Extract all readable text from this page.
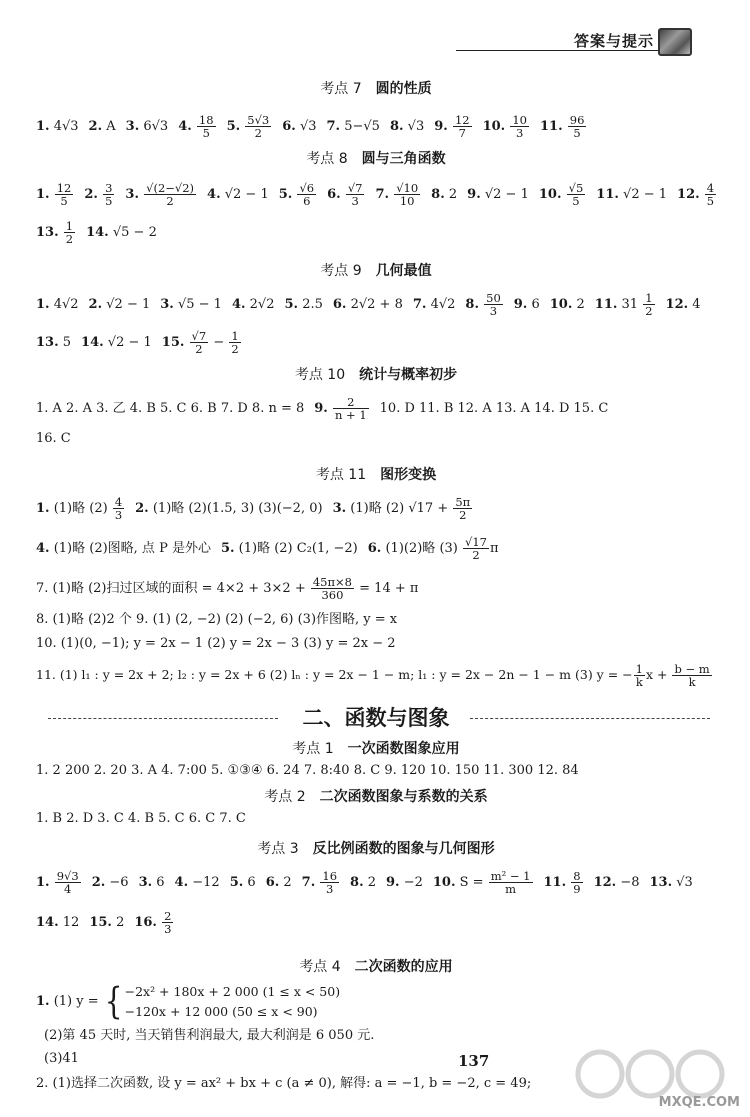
答案与提示

考点 7 圆的性质

1. 4√3 2. A 3. 6√3 4. $\frac{18}{5} 5$. $\frac{5√3}{2} 6$. √3 7. 5−√5 8. √3 9. $\frac{12}{7} 10$. $\frac{10}{3} 11$. $\frac{96}{5}$

考点 8 圆与三角函数

1. $\frac{12}{5} 2$. $\frac{3}{5} 3$. $\frac{√(2-√2)}{2} 4$. √2 − 1 5. $\frac{√6}{6} 6$. $\frac{√7}{3} 7$. $\frac{√10}{10} 8$. 2 9. √2 − 1 10. $\frac{√5}{5} 11$. √2 − 1 12. $\frac{4}{5}$

13. $\frac{1}{2} 14$. √5 − 2

考点 9 几何最值

1. 4√2 2. √2 − 1 3. √5 − 1 4. 2√2 5. 2.5 6. 2√2 + 8 7. 4√2 8. $\frac{50}{3} 9$. 6 10. 2 11. $31 \frac{1}{2} 12$. 4

13. 5 14. √2 − 1 15. $\frac{√7}{2} - \frac{1}{2}$

考点 10 统计与概率初步

1. A 2. A 3. 乙 4. B 5. C 6. B 7. D 8. n = 8 9. $\frac{2}{n + 1} 10$. D 11. B 12. A 13. A 14. D 15. C

16. C

考点 11 图形变换

1. (1)略 $(2) \frac{4}{3} 2$. (1)略 (2)(1.5, 3) (3)(−2, 0) 3. (1)略 (2) $√17 + \frac{5\pi}{2}$

4. (1)略 (2)图略, 点 P 是外心 5. (1)略 (2) C₂(1, −2) 6. (1)(2)略 $(3) \frac{√17}{2}$ π

7. (1)略 (2)扫过区域的面积 = $4\times 2 + 3\times 2 + \frac{45\pi\times 8}{360} = 14 + \pi$

8. (1)略 (2)2 个 9. (1) (2, −2) (2) (−2, 6) (3)作图略, y = x

10. (1)(0, −1); y = 2x − 1 (2) y = 2x − 3 (3) y = 2x − 2

11. (1) l₁ : y = 2x + 2; l₂ : y = 2x + 6 (2) lₙ : y = 2x − 1 − m; l₁ : y = 2x − 2n − 1 − m (3) y = − $\frac{1}{k}$ $x + \frac{b - m}{k}$

二、函数与图象

考点 1 一次函数图象应用

1. 2 200 2. 20 3. A 4. 7:00 5. ①③④ 6. 24 7. 8:40 8. C 9. 120 10. 150 11. 300 12. 84

考点 2 二次函数图象与系数的关系

1. B 2. D 3. C 4. B 5. C 6. C 7. C

考点 3 反比例函数的图象与几何图形

1. $\frac{9√3}{4} 2$. −6 3. 6 4. −12 5. 6 6. 2 7. $\frac{16}{3} 8$. 2 9. −2 10. $S = \frac{\text{m² − 1}}{m} 11$. $\frac{8}{9} 12$. −8 13. √3

14. 12 15. 2 16. $\frac{2}{3}$

考点 4 二次函数的应用

1. (1) y = { −2x² + 180x + 2 000 (1 ≤ x < 50)
−120x + 12 000 (50 ≤ x < 90)

(2)第 45 天时, 当天销售利润最大, 最大利润是 6 050 元.

(3)41

2. (1)选择二次函数, 设 y = ax² + bx + c (a ≠ 0), 解得: a = −1, b = −2, c = 49;

137
MXQE.COM
